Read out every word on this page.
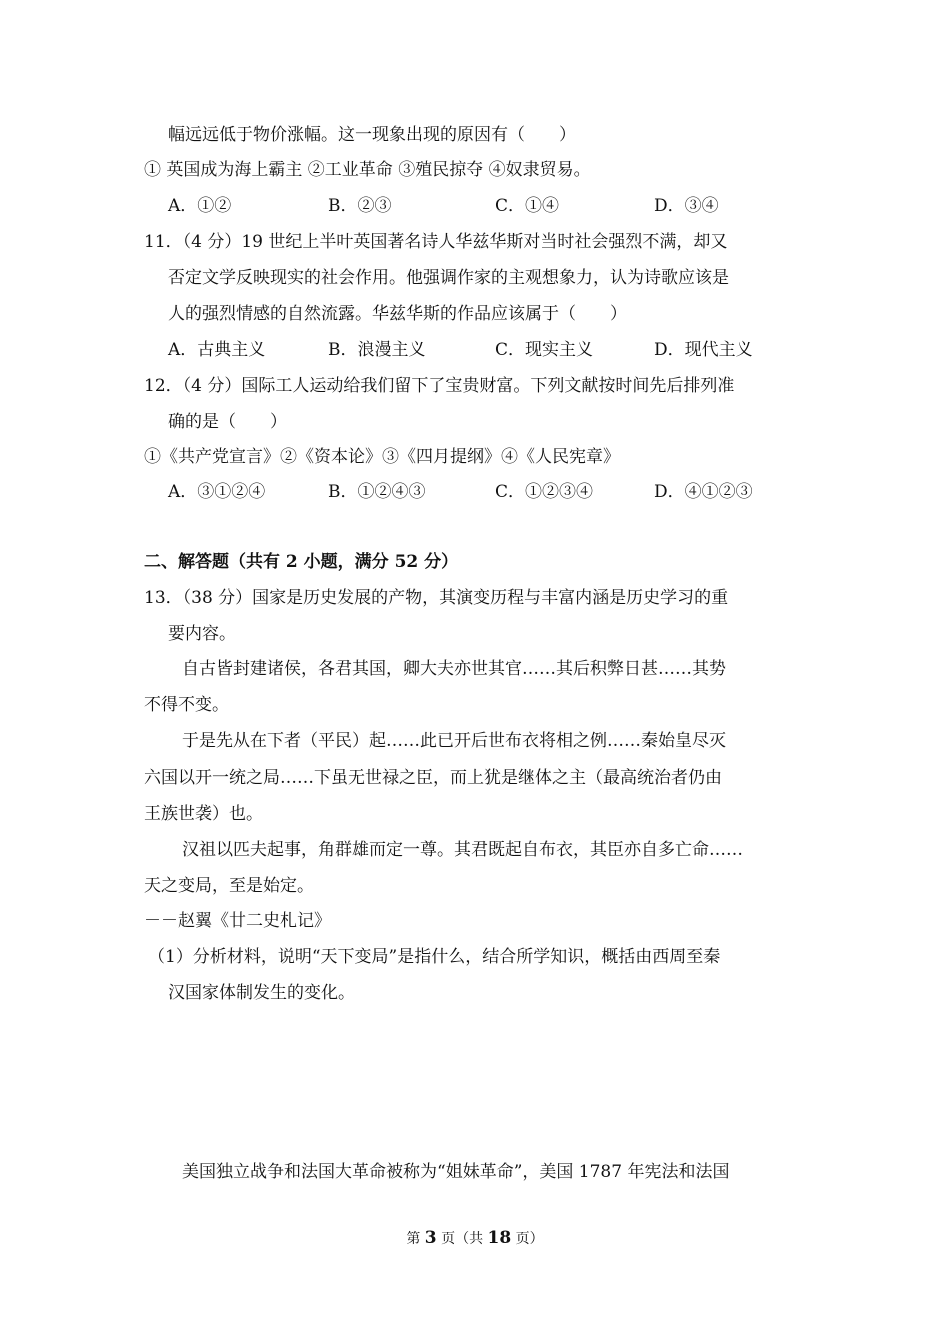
幅远远低于物价涨幅。这一现象出现的原因有（　　）
① 英国成为海上霸主 ②工业革命 ③殖民掠夺 ④奴隶贸易。
A．①②	B．②③	C．①④	D．③④
11．（4 分）19 世纪上半叶英国著名诗人华兹华斯对当时社会强烈不满，却又
否定文学反映现实的社会作用。他强调作家的主观想象力，认为诗歌应该是
人的强烈情感的自然流露。华兹华斯的作品应该属于（　　）
A．古典主义	B．浪漫主义	C．现实主义	D．现代主义
12．（4 分）国际工人运动给我们留下了宝贵财富。下列文献按时间先后排列准
确的是（　　）
①《共产党宣言》②《资本论》③《四月提纲》④《人民宪章》
A．③①②④	B．①②④③	C．①②③④	D．④①②③
二、解答题（共有 2 小题，满分 52 分）
13．（38 分）国家是历史发展的产物，其演变历程与丰富内涵是历史学习的重
要内容。
自古皆封建诸侯，各君其国，卿大夫亦世其官……其后积弊日甚……其势
不得不变。
于是先从在下者（平民）起……此已开后世布衣将相之例……秦始皇尽灭
六国以开一统之局……下虽无世禄之臣，而上犹是继体之主（最高统治者仍由
王族世袭）也。
汉祖以匹夫起事，角群雄而定一尊。其君既起自布衣，其臣亦自多亡命……
天之变局，至是始定。
－－赵翼《廿二史札记》
（1）分析材料，说明“天下变局”是指什么，结合所学知识，概括由西周至秦
汉国家体制发生的变化。
美国独立战争和法国大革命被称为“姐妹革命”，美国 1787 年宪法和法国
第 3 页（共 18 页）
